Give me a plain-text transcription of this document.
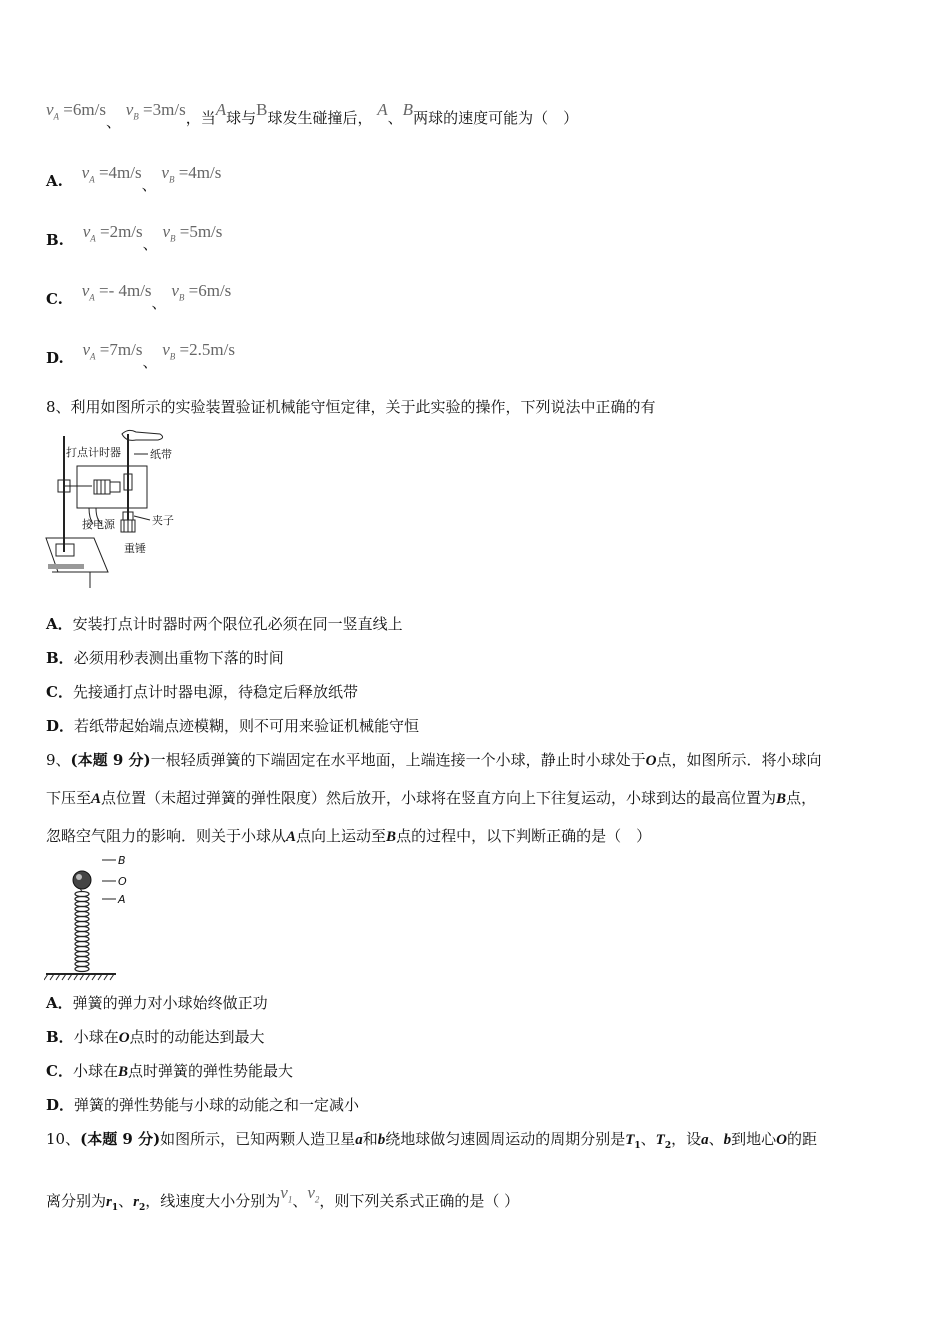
$v_A =6m/s$、 $v_B =3m/s$，当A球与B球发生碰撞后， A、B两球的速度可能为（　）
A. $v_A =4m/s$、 $v_B =4m/s$
B. $v_A =2m/s$、 $v_B =5m/s$
C. $v_A =- 4m/s$、 $v_B =6m/s$
D. $v_A =7m/s$、 $v_B =2.5m/s$
8、利用如图所示的实验装置验证机械能守恒定律，关于此实验的操作，下列说法中正确的有
打点计时器	纸带
接电源	夹子
重锤
A．安装打点计时器时两个限位孔必须在同一竖直线上
B．必须用秒表测出重物下落的时间
C．先接通打点计时器电源，待稳定后释放纸带
D．若纸带起始端点迹模糊，则不可用来验证机械能守恒
9、(本题 9 分)一根轻质弹簧的下端固定在水平地面，上端连接一个小球，静止时小球处于O点，如图所示．将小球向
下压至A点位置（未超过弹簧的弹性限度）然后放开，小球将在竖直方向上下往复运动，小球到达的最高位置为B点，
忽略空气阻力的影响．则关于小球从A点向上运动至B点的过程中，以下判断正确的是（　）
B
O
A
A．弹簧的弹力对小球始终做正功
B．小球在O点时的动能达到最大
C．小球在B点时弹簧的弹性势能最大
D．弹簧的弹性势能与小球的动能之和一定减小
10、(本题 9 分)如图所示，已知两颗人造卫星a和b绕地球做匀速圆周运动的周期分别是$T_1$、$T_2$，设a、b到地心O的距
离分别为$r_1$、$r_2$，线速度大小分别为$v_1$、$v_2$，则下列关系式正确的是（ ）
